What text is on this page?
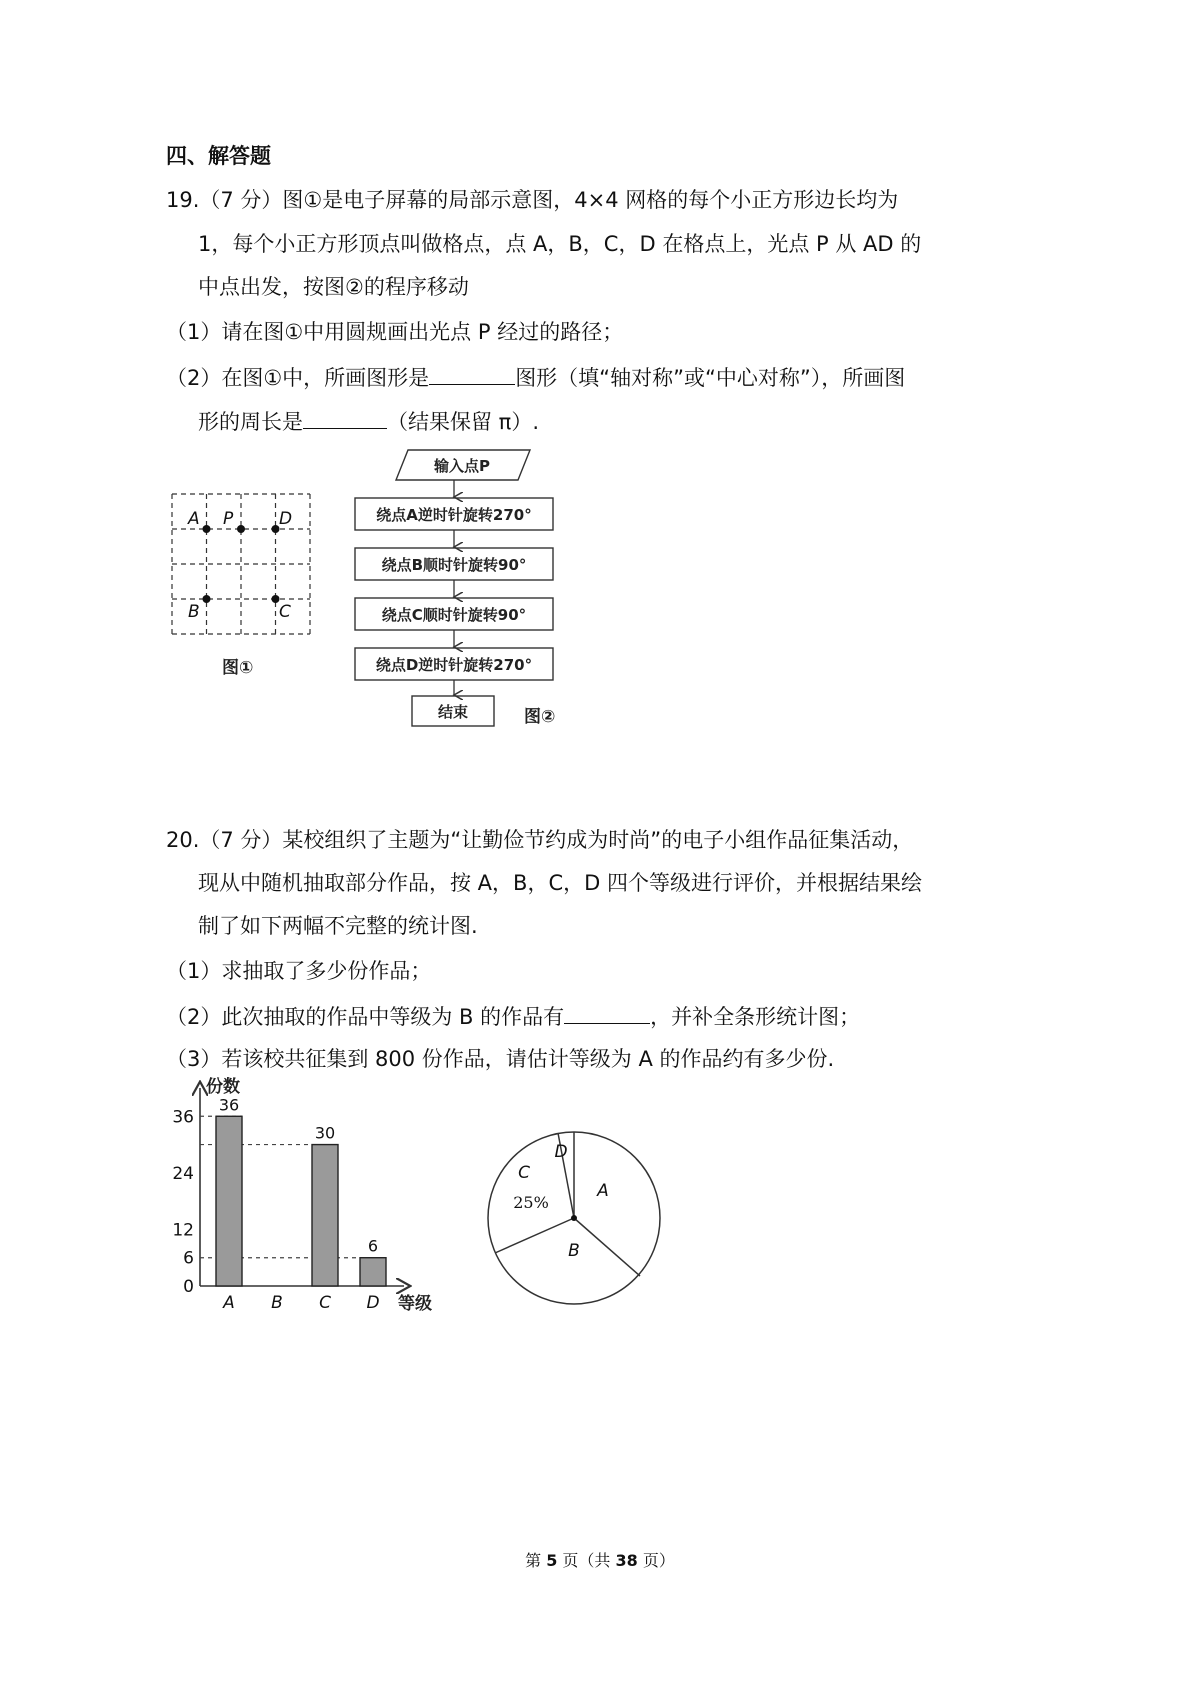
四、解答题
19.（7 分）图①是电子屏幕的局部示意图，4×4 网格的每个小正方形边长均为
1，每个小正方形顶点叫做格点，点 A，B，C，D 在格点上，光点 P 从 AD 的
中点出发，按图②的程序移动
（1）请在图①中用圆规画出光点 P 经过的路径；
（2）在图①中，所画图形是	图形（填“轴对称”或“中心对称”），所画图
形的周长是	（结果保留 π）.
A P	D
B	C
图①
输入点P
绕点A逆时针旋转270°
绕点B顺时针旋转90°
绕点C顺时针旋转90°
绕点D逆时针旋转270°
结束	图②
20.（7 分）某校组织了主题为“让勤俭节约成为时尚”的电子小组作品征集活动，
现从中随机抽取部分作品，按 A，B，C，D 四个等级进行评价，并根据结果绘
制了如下两幅不完整的统计图.
（1）求抽取了多少份作品；
（2）此次抽取的作品中等级为 B 的作品有	，并补全条形统计图；
（3）若该校共征集到 800 份作品，请估计等级为 A 的作品约有多少份.
0
6
12
24
36
36
30
6
A B C D
份数
等级
A
B
C
D
25%
第 5 页（共 38 页）
